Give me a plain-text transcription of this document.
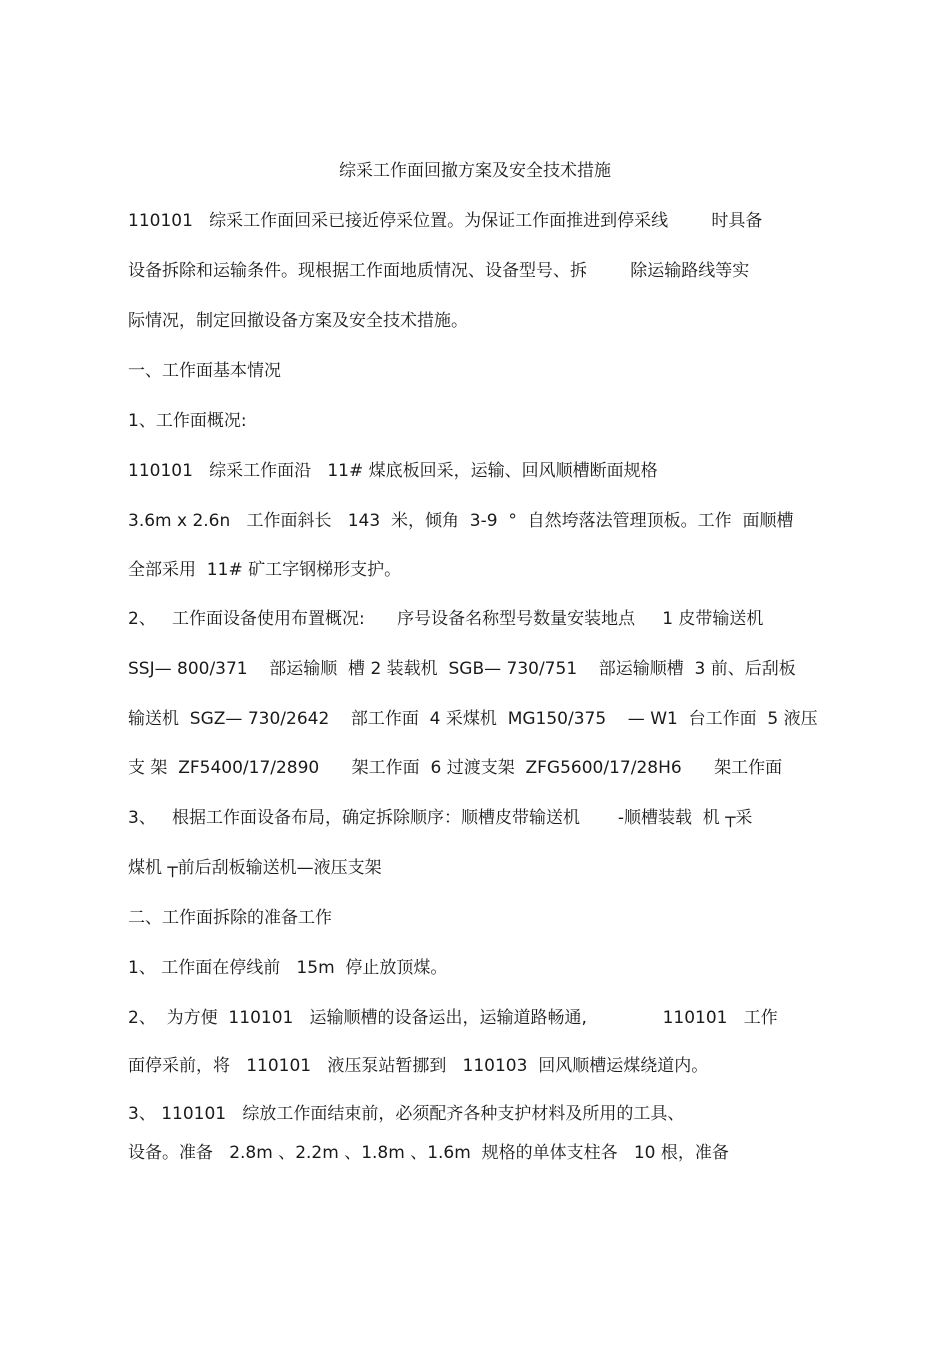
综采工作面回撤方案及安全技术措施
110101   综采工作面回采已接近停采位置。为保证工作面推进到停采线        时具备
设备拆除和运输条件。现根据工作面地质情况、设备型号、拆        除运输路线等实
际情况，制定回撤设备方案及安全技术措施。
一、工作面基本情况
1、工作面概况:
110101   综采工作面沿   11# 煤底板回采，运输、回风顺槽断面规格
3.6m x 2.6n   工作面斜长   143  米，倾角  3-9  °  自然垮落法管理顶板。工作  面顺槽
全部采用  11# 矿工字钢梯形支护。
2、   工作面设备使用布置概况:      序号设备名称型号数量安装地点     1 皮带输送机
SSJ— 800/371    部运输顺  槽 2 装载机  SGB— 730/751    部运输顺槽  3 前、后刮板
输送机  SGZ— 730/2642    部工作面  4 采煤机  MG150/375    — W1  台工作面  5 液压
支 架  ZF5400/17/2890      架工作面  6 过渡支架  ZFG5600/17/28H6      架工作面
3、   根据工作面设备布局，确定拆除顺序：顺槽皮带输送机       -顺槽装载  机 ┬采
煤机 ┬前后刮板输送机—液压支架
二、工作面拆除的准备工作
1、 工作面在停线前   15m  停止放顶煤。
2、  为方便  110101   运输顺槽的设备运出，运输道路畅通,              110101   工作
面停采前，将   110101   液压泵站暂挪到   110103  回风顺槽运煤绕道内。
3、 110101   综放工作面结束前，必须配齐各种支护材料及所用的工具、
设备。准备   2.8m 、2.2m 、1.8m 、1.6m  规格的单体支柱各   10 根，准备
